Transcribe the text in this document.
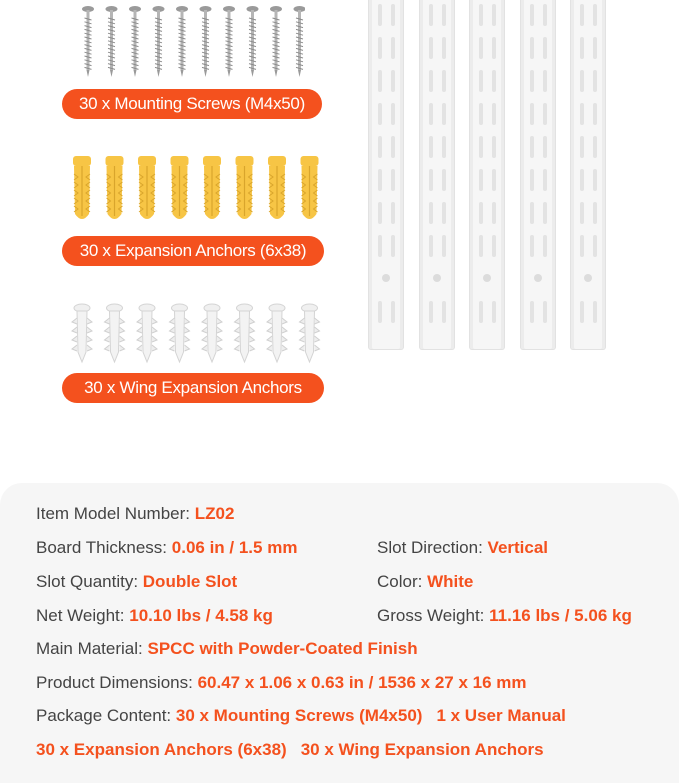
30 x Mounting Screws (M4x50)
30 x Expansion Anchors (6x38)
30 x Wing Expansion Anchors
Item Model Number: LZ02
Board Thickness: 0.06 in / 1.5 mm	Slot Direction: Vertical
Slot Quantity: Double Slot	Color: White
Net Weight: 10.10 lbs / 4.58 kg	Gross Weight: 11.16 lbs / 5.06 kg
Main Material: SPCC with Powder-Coated Finish
Product Dimensions: 60.47 x 1.06 x 0.63 in / 1536 x 27 x 16 mm
Package Content: 30 x Mounting Screws (M4x50) 1 x User Manual
30 x Expansion Anchors (6x38) 30 x Wing Expansion Anchors
